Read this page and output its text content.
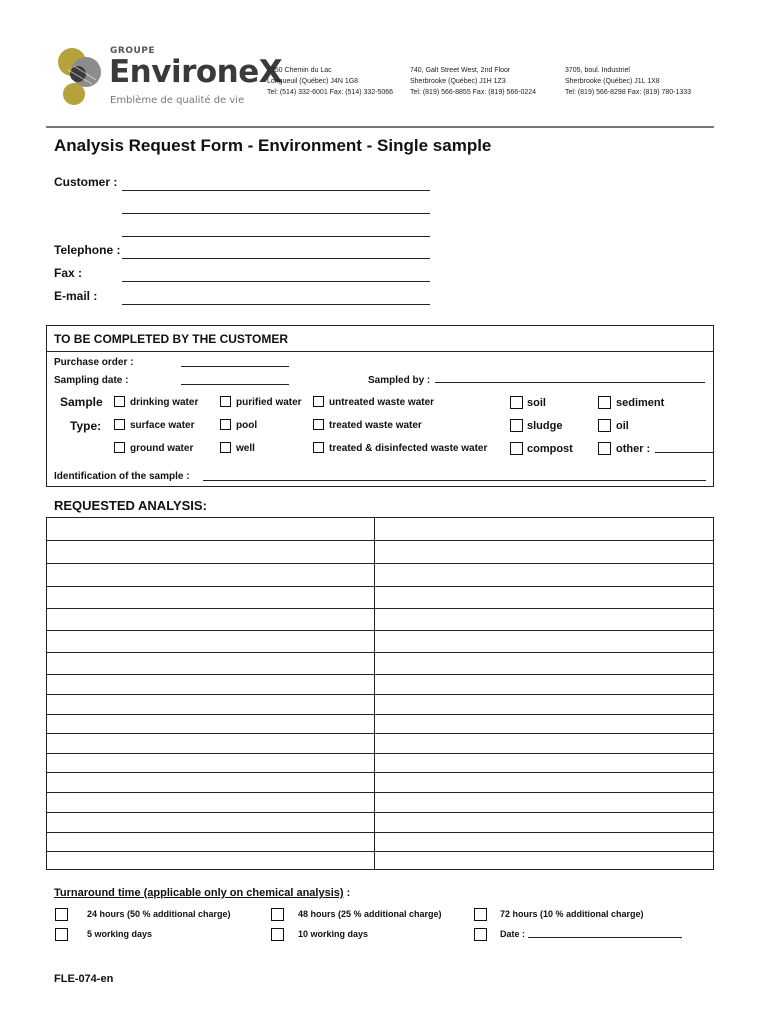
GROUPE
EnvironeX
Emblème de qualité de vie
2350 Chemin du Lac
Longueuil (Québec) J4N 1G8
Tel: (514) 332-6001 Fax: (514) 332-5066
740, Galt Street West, 2nd Floor
Sherbrooke (Québec) J1H 1Z3
Tel: (819) 566-8855 Fax: (819) 566-0224
3705, boul. Industriel
Sherbrooke (Québec) J1L 1X8
Tel: (819) 566-8298 Fax: (819) 780-1333
Analysis Request Form - Environment - Single sample
Customer :
Telephone :
Fax :
E-mail :
TO BE COMPLETED BY THE CUSTOMER
Purchase order :
Sampling date :	Sampled by :
Sample
Type:
drinking water	purified water	untreated waste water	soil	sediment
surface water	pool	treated waste water	sludge	oil
ground water	well	treated & disinfected waste water	compost	other :
Identification of the sample :
REQUESTED ANALYSIS:
Turnaround time (applicable only on chemical analysis) :
24 hours (50 % additional charge)	48 hours (25 % additional charge)	72 hours (10 % additional charge)
5 working days	10 working days	Date :
FLE-074-en
